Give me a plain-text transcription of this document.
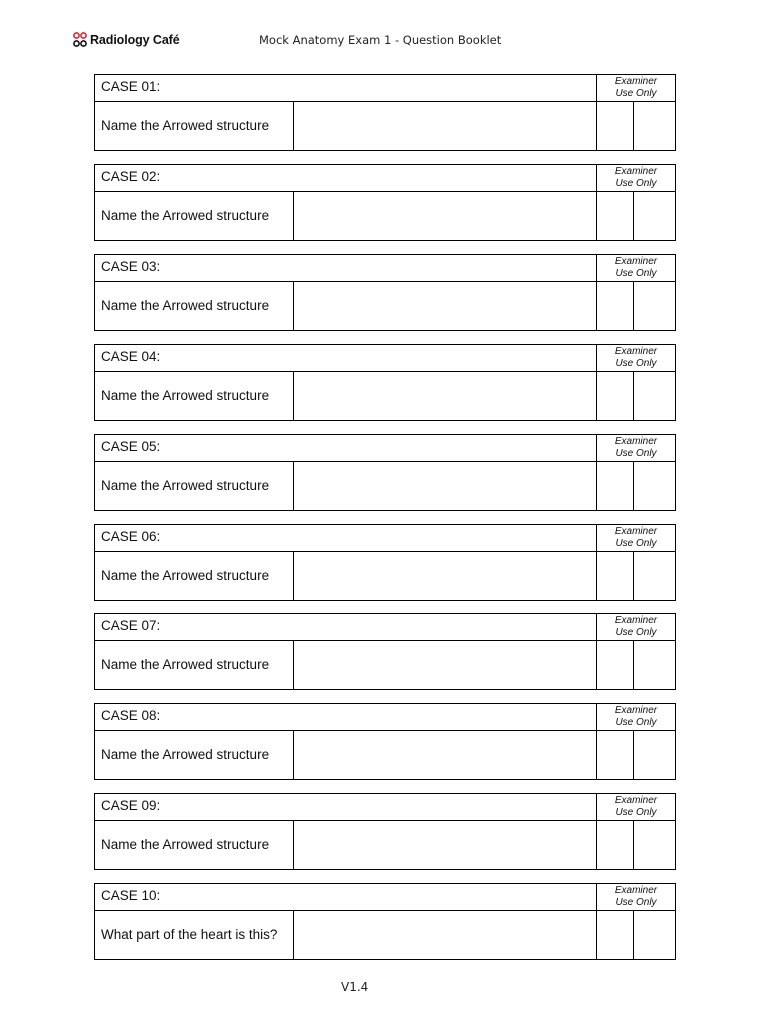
Radiology Café	Mock Anatomy Exam 1 - Question Booklet
CASE 01:	Examiner
Use Only
Name the Arrowed structure
CASE 02:	Examiner
Use Only
Name the Arrowed structure
CASE 03:	Examiner
Use Only
Name the Arrowed structure
CASE 04:	Examiner
Use Only
Name the Arrowed structure
CASE 05:	Examiner
Use Only
Name the Arrowed structure
CASE 06:	Examiner
Use Only
Name the Arrowed structure
CASE 07:	Examiner
Use Only
Name the Arrowed structure
CASE 08:	Examiner
Use Only
Name the Arrowed structure
CASE 09:	Examiner
Use Only
Name the Arrowed structure
CASE 10:	Examiner
Use Only
What part of the heart is this?
V1.4
